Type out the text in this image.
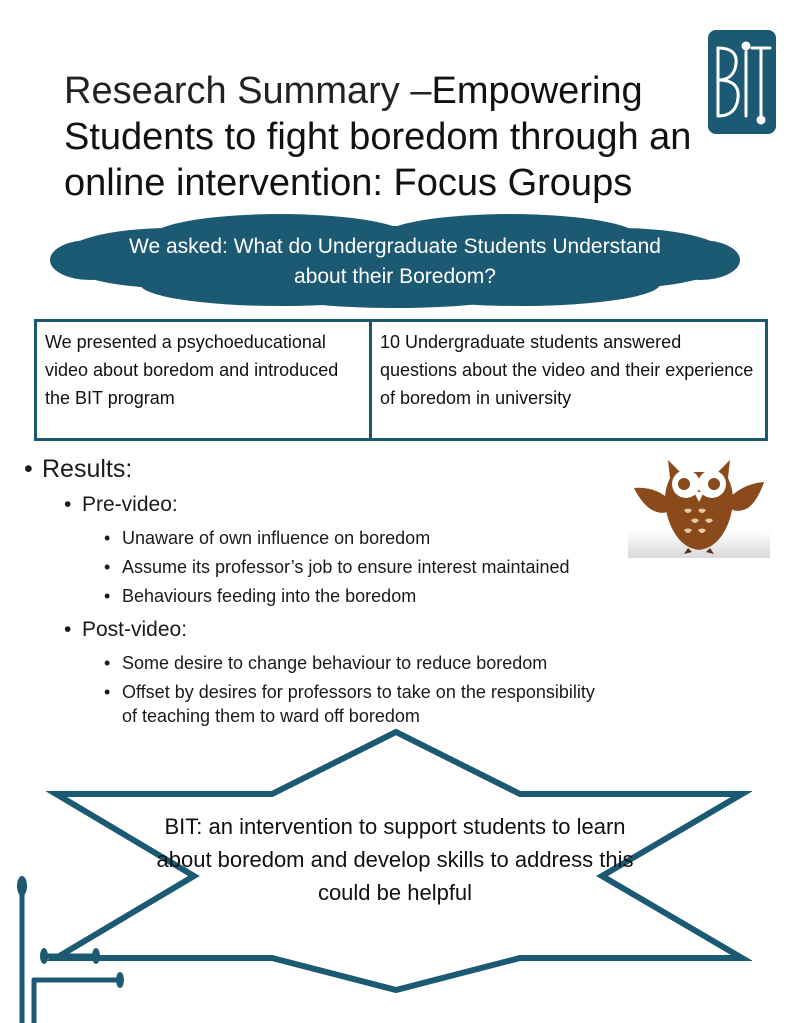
Research Summary –Empowering Students to fight boredom through an online intervention: Focus Groups
We asked: What do Undergraduate Students Understand about their Boredom?
We presented a psychoeducational video about boredom and introduced the BIT program
10 Undergraduate students answered questions about the video and their experience of boredom in university
• Results:
• Pre-video:
• Unaware of own influence on boredom
• Assume its professor’s job to ensure interest maintained
• Behaviours feeding into the boredom
• Post-video:
• Some desire to change behaviour to reduce boredom
• Offset by desires for professors to take on the responsibility of teaching them to ward off boredom
BIT: an intervention to support students to learn about boredom and develop skills to address this could be helpful
